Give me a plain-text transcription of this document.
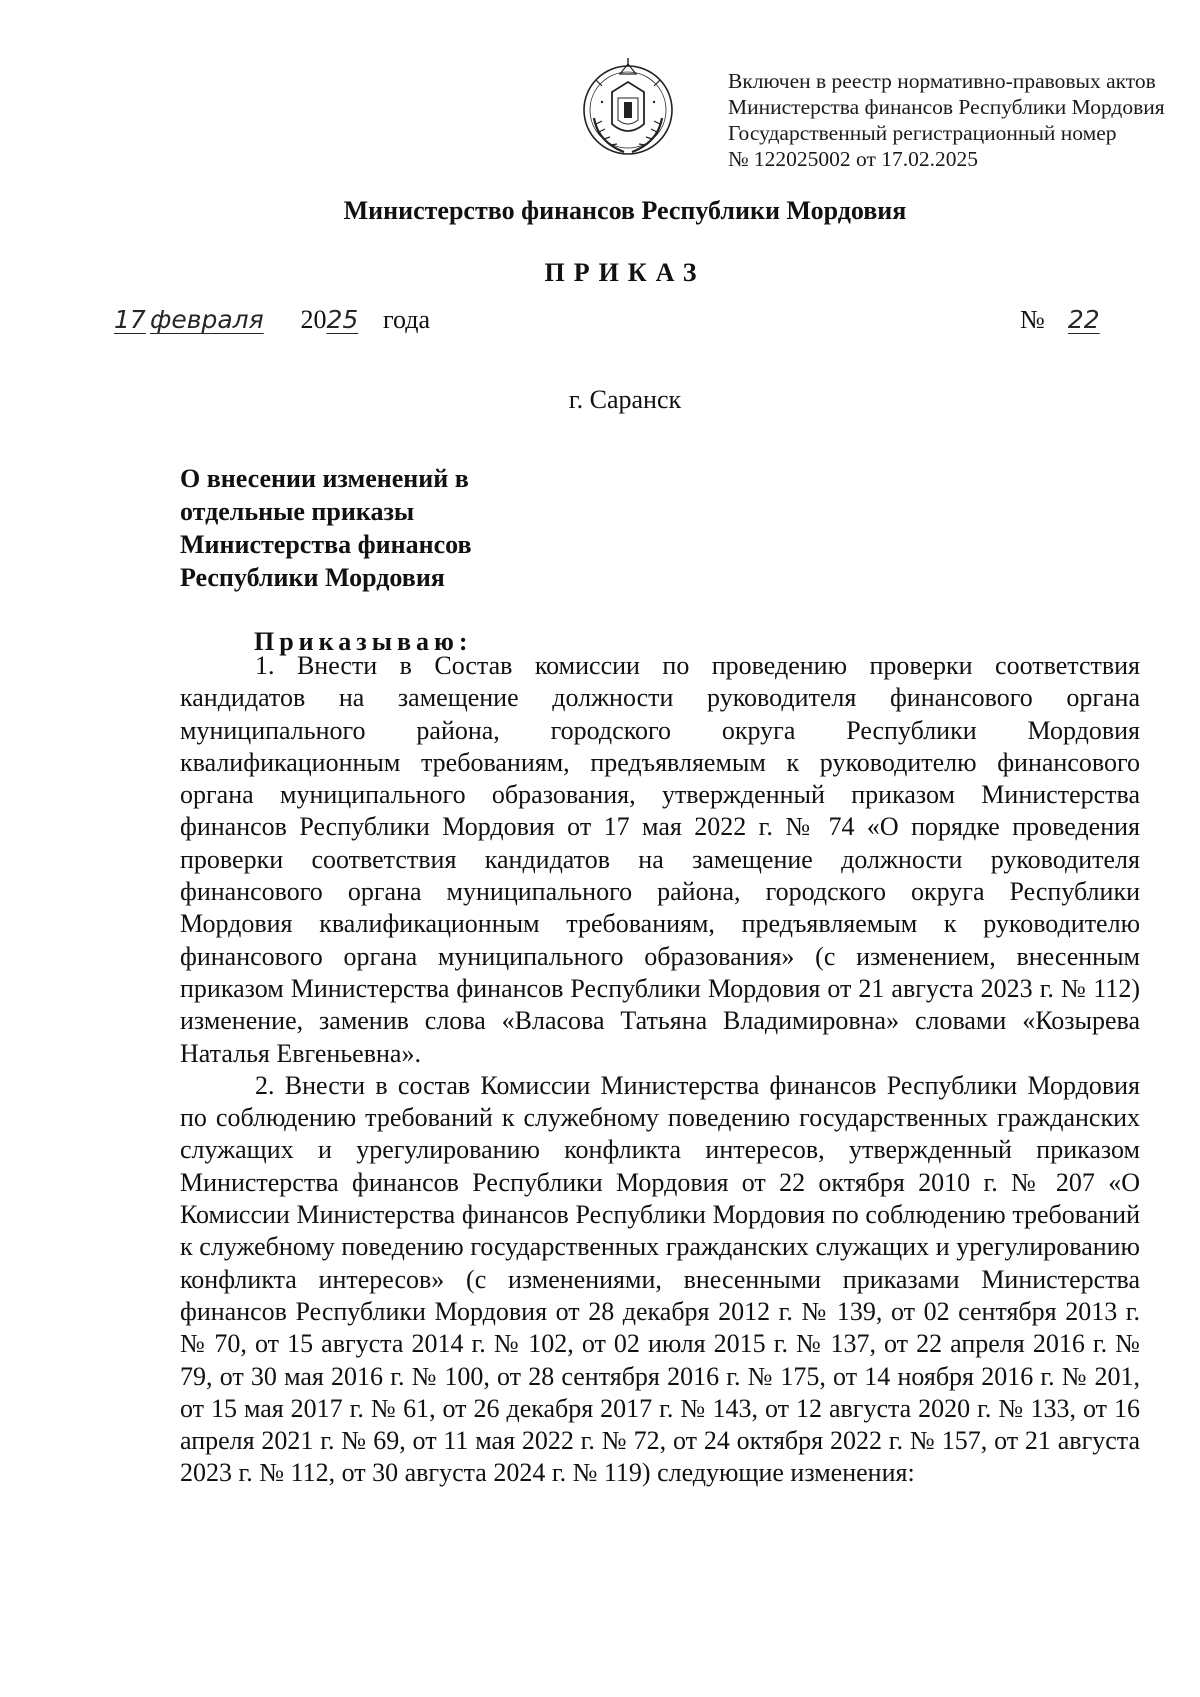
Включен в реестр нормативно-правовых актов
Министерства финансов Республики Мордовия
Государственный регистрационный номер
№ 122025002 от 17.02.2025
Министерство финансов Республики Мордовия
ПРИКАЗ
17 февраля 2025 года	№ 22
г. Саранск
О внесении изменений в
отдельные приказы
Министерства финансов
Республики Мордовия
Приказываю:

1. Внести в Состав комиссии по проведению проверки соответствия кандидатов на замещение должности руководителя финансового органа муниципального района, городского округа Республики Мордовия квалификационным требованиям, предъявляемым к руководителю финансового органа муниципального образования, утвержденный приказом Министерства финансов Республики Мордовия от 17 мая 2022 г. № 74 «О порядке проведения проверки соответствия кандидатов на замещение должности руководителя финансового органа муниципального района, городского округа Республики Мордовия квалификационным требованиям, предъявляемым к руководителю финансового органа муниципального образования» (с изменением, внесенным приказом Министерства финансов Республики Мордовия от 21 августа 2023 г. № 112) изменение, заменив слова «Власова Татьяна Владимировна» словами «Козырева Наталья Евгеньевна».

2. Внести в состав Комиссии Министерства финансов Республики Мордовия по соблюдению требований к служебному поведению государственных гражданских служащих и урегулированию конфликта интересов, утвержденный приказом Министерства финансов Республики Мордовия от 22 октября 2010 г. № 207 «О Комиссии Министерства финансов Республики Мордовия по соблюдению требований к служебному поведению государственных гражданских служащих и урегулированию конфликта интересов» (с изменениями, внесенными приказами Министерства финансов Республики Мордовия от 28 декабря 2012 г. № 139, от 02 сентября 2013 г. № 70, от 15 августа 2014 г. № 102, от 02 июля 2015 г. № 137, от 22 апреля 2016 г. № 79, от 30 мая 2016 г. № 100, от 28 сентября 2016 г. № 175, от 14 ноября 2016 г. № 201, от 15 мая 2017 г. № 61, от 26 декабря 2017 г. № 143, от 12 августа 2020 г. № 133, от 16 апреля 2021 г. № 69, от 11 мая 2022 г. № 72, от 24 октября 2022 г. № 157, от 21 августа 2023 г. № 112, от 30 августа 2024 г. № 119) следующие изменения:
